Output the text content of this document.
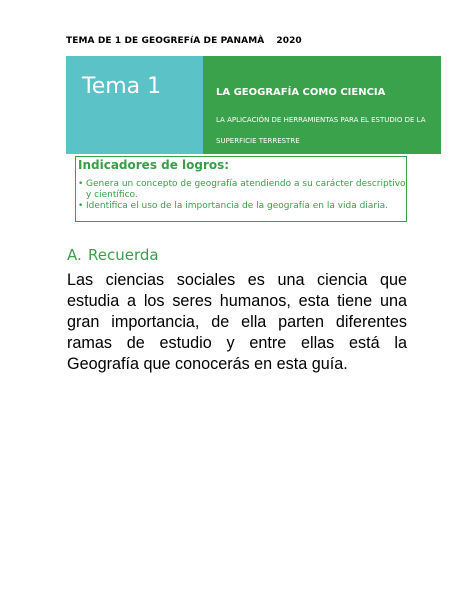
TEMA DE 1 DE GEOGREFíA DE PANAMÀ 2020
Tema 1	LA GEOGRAFÍA COMO CIENCIA
LA APLICACIÓN DE HERRAMIENTAS PARA EL ESTUDIO DE LA SUPERFICIE TERRESTRE
Indicadores de logros:
• Genera un concepto de geografía atendiendo a su carácter descriptivo y científico.
• Identifica el uso de la importancia de la geografía en la vida diaria.
A. Recuerda

Las ciencias sociales es una ciencia que estudia a los seres humanos, esta tiene una gran importancia, de ella parten diferentes ramas de estudio y entre ellas está la Geografía que conocerás en esta guía.
